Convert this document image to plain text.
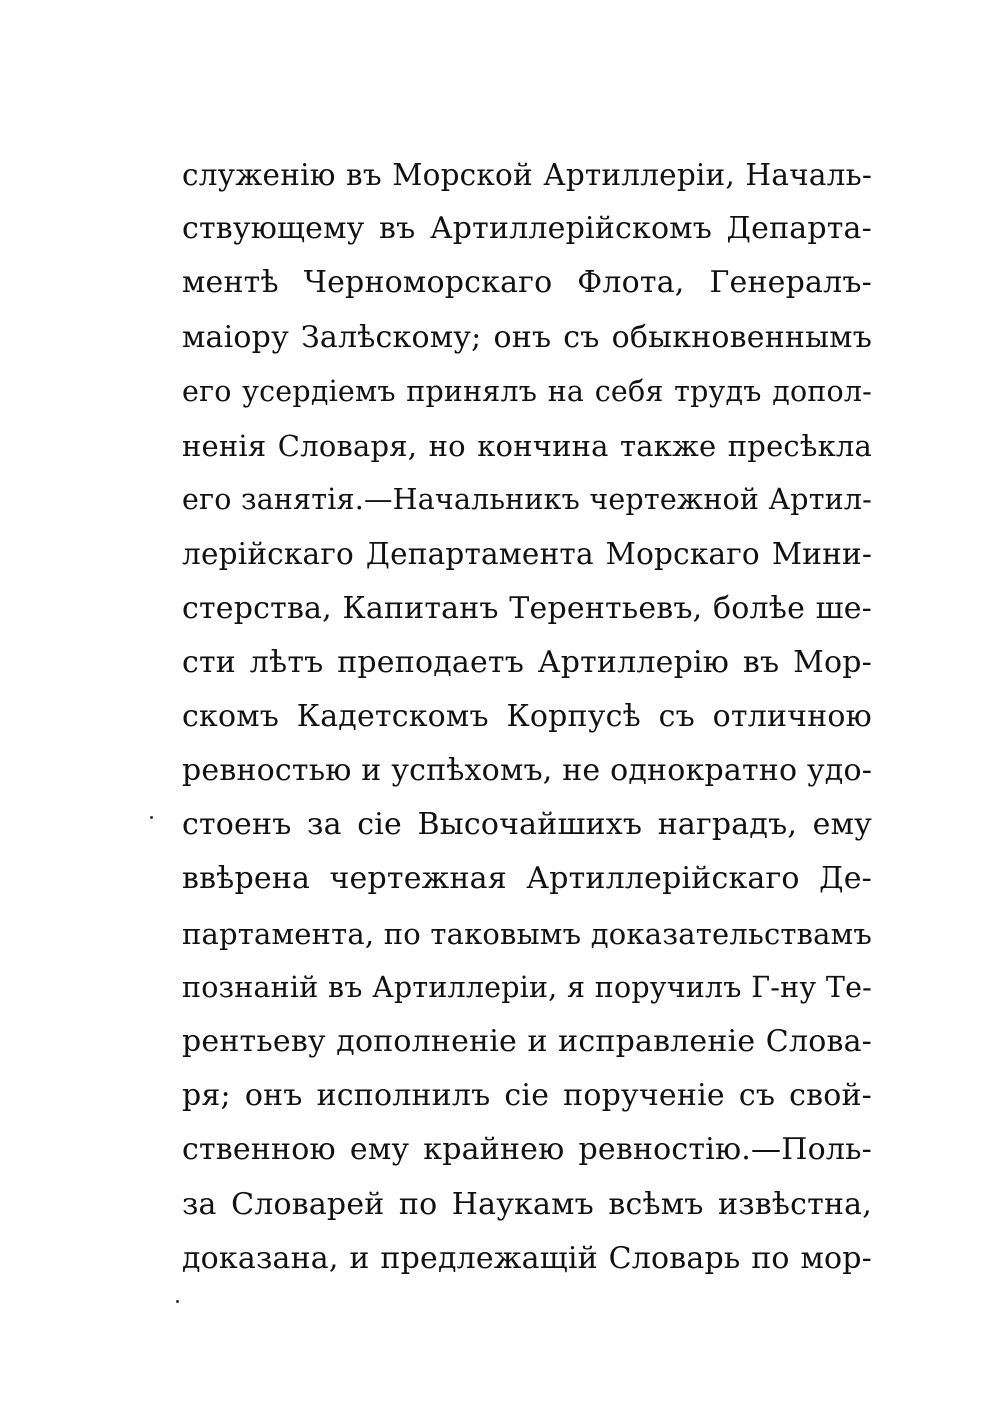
служенію въ Морской Артиллеріи, Началь-
ствующему въ Артиллерійскомъ Департа-
ментѣ Черноморскаго Флота, Генералъ-
маіору Залѣскому; онъ съ обыкновеннымъ
его усердіемъ принялъ на себя трудъ допол-
ненія Словаря, но кончина также пресѣкла
его занятія.—Начальникъ чертежной Артил-
лерійскаго Департамента Морскаго Мини-
стерства, Капитанъ Терентьевъ, болѣе ше-
сти лѣтъ преподаетъ Артиллерію въ Мор-
скомъ Кадетскомъ Корпусѣ съ отличною
ревностью и успѣхомъ, не однократно удо-
стоенъ за сіе Высочайшихъ наградъ, ему
ввѣрена чертежная Артиллерійскаго Де-
партамента, по таковымъ доказательствамъ
познаній въ Артиллеріи, я поручилъ Г-ну Те-
рентьеву дополненіе и исправленіе Слова-
ря; онъ исполнилъ сіе порученіе съ свой-
ственною ему крайнею ревностію.—Поль-
за Словарей по Наукамъ всѣмъ извѣстна,
доказана, и предлежащій Словарь по мор-
